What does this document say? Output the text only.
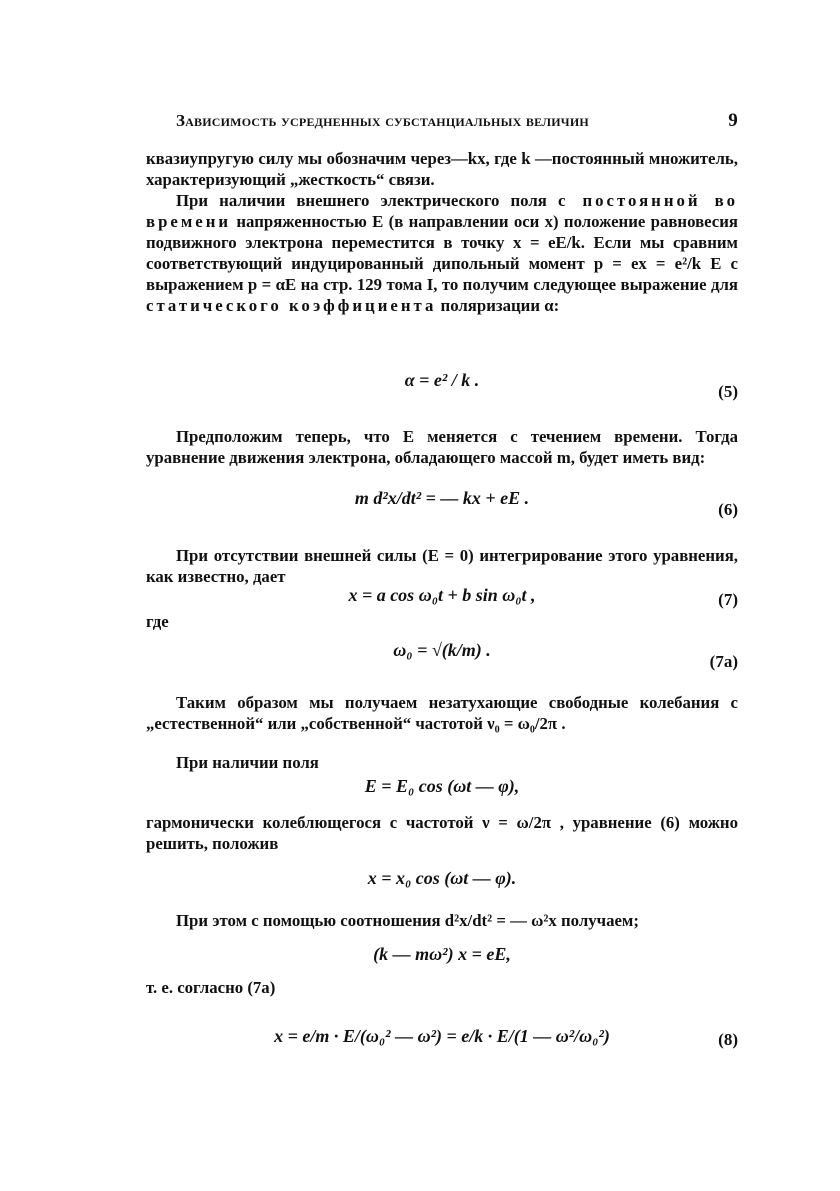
Зависимость усредненных субстанциальных величин	9

квазиупругую силу мы обозначим через—kx, где k —постоянный множитель, характеризующий „жесткость“ связи.

При наличии внешнего электрического поля с постоянной во времени напряженностью E (в направлении оси x) положение равновесия подвижного электрона переместится в точку x = eE/k. Если мы сравним соответствующий индуцированный дипольный момент p = ex = e²/k E с выражением p = αE на стр. 129 тома I, то получим следующее выражение для статического коэффициента поляризации α:

α = e² / k .
(5)

Предположим теперь, что E меняется с течением времени. Тогда уравнение движения электрона, обладающего массой m, будет иметь вид:

m d²x/dt² = — kx + eE .
(6)

При отсутствии внешней силы (E = 0) интегрирование этого уравнения, как известно, дает

x = a cos ω₀t + b sin ω₀t ,	(7)
где
ω₀ = √(k/m) .
(7а)

Таким образом мы получаем незатухающие свободные колебания с „естественной“ или „собственной“ частотой ν₀ = ω₀/2π .

При наличии поля

E = E₀ cos (ωt — φ),

гармонически колеблющегося с частотой ν = ω/2π , уравнение (6) можно решить, положив

x = x₀ cos (ωt — φ).

При этом с помощью соотношения d²x/dt² = — ω²x получаем;

(k — mω²) x = eE,
т. е. согласно (7а)
x = e/m · E/(ω₀² — ω²) = e/k · E/(1 — ω²/ω₀²)	(8)
